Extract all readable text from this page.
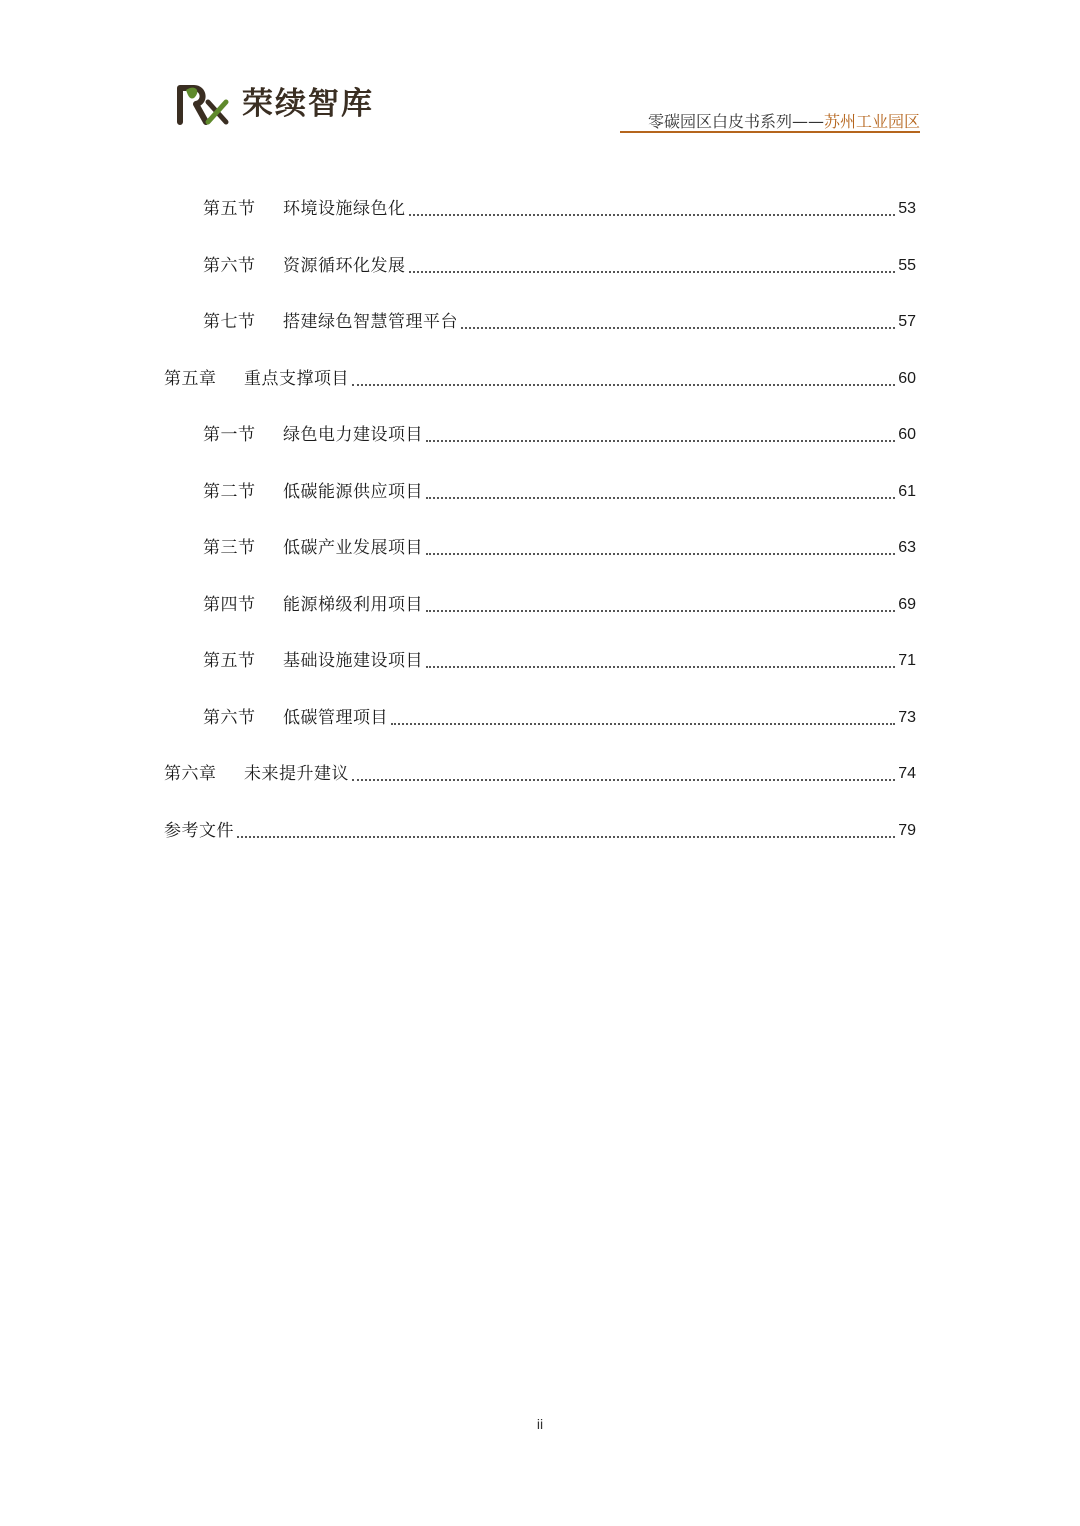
荣续智库	零碳园区白皮书系列——苏州工业园区
第五节	环境设施绿色化	53
第六节	资源循环化发展	55
第七节	搭建绿色智慧管理平台	57
第五章	重点支撑项目	60
第一节	绿色电力建设项目	60
第二节	低碳能源供应项目	61
第三节	低碳产业发展项目	63
第四节	能源梯级利用项目	69
第五节	基础设施建设项目	71
第六节	低碳管理项目	73
第六章	未来提升建议	74
参考文件	79
ii
